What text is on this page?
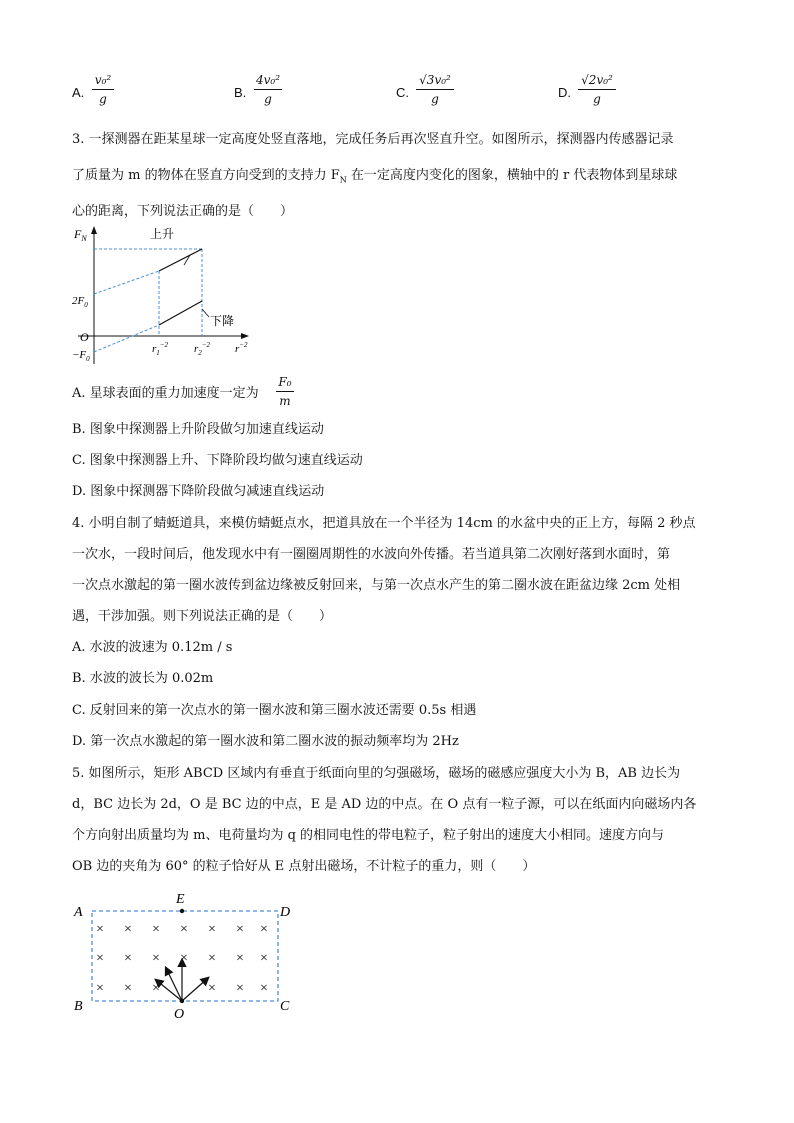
A.
v₀²
g	B.
4v₀²
g	C.
√3v₀²
g	D.
√2v₀²
g
3. 一探测器在距某星球一定高度处竖直落地，完成任务后再次竖直升空。如图所示，探测器内传感器记录
了质量为 m 的物体在竖直方向受到的支持力 $F_N$ 在一定高度内变化的图象，横轴中的 r 代表物体到星球球
心的距离，下列说法正确的是（　　）
$F_N$	上升
下降
$2F_0$
O
$-F_0$
$r_1^{-2}$ $r_2^{-2}$ $r^{-2}$
A. 星球表面的重力加速度一定为
F₀
m
B. 图象中探测器上升阶段做匀加速直线运动
C. 图象中探测器上升、下降阶段均做匀速直线运动
D. 图象中探测器下降阶段做匀减速直线运动
4. 小明自制了蜻蜓道具，来模仿蜻蜓点水，把道具放在一个半径为 14cm 的水盆中央的正上方，每隔 2 秒点
一次水，一段时间后，他发现水中有一圈圈周期性的水波向外传播。若当道具第二次刚好落到水面时，第
一次点水激起的第一圈水波传到盆边缘被反射回来，与第一次点水产生的第二圈水波在距盆边缘 2cm 处相
遇，干涉加强。则下列说法正确的是（　　）
A. 水波的波速为 0.12m / s
B. 水波的波长为 0.02m
C. 反射回来的第一次点水的第一圈水波和第三圈水波还需要 0.5s 相遇
D. 第一次点水激起的第一圈水波和第二圈水波的振动频率均为 2Hz
5. 如图所示，矩形 ABCD 区域内有垂直于纸面向里的匀强磁场，磁场的磁感应强度大小为 B，AB 边长为
d，BC 边长为 2d，O 是 BC 边的中点，E 是 AD 边的中点。在 O 点有一粒子源，可以在纸面内向磁场内各
个方向射出质量均为 m、电荷量均为 q 的相同电性的带电粒子，粒子射出的速度大小相同。速度方向与
OB 边的夹角为 60° 的粒子恰好从 E 点射出磁场，不计粒子的重力，则（　　）
× × × × × × ×
× × × × × × ×
× × ×	× × ×
A
B	C
D
E
O
